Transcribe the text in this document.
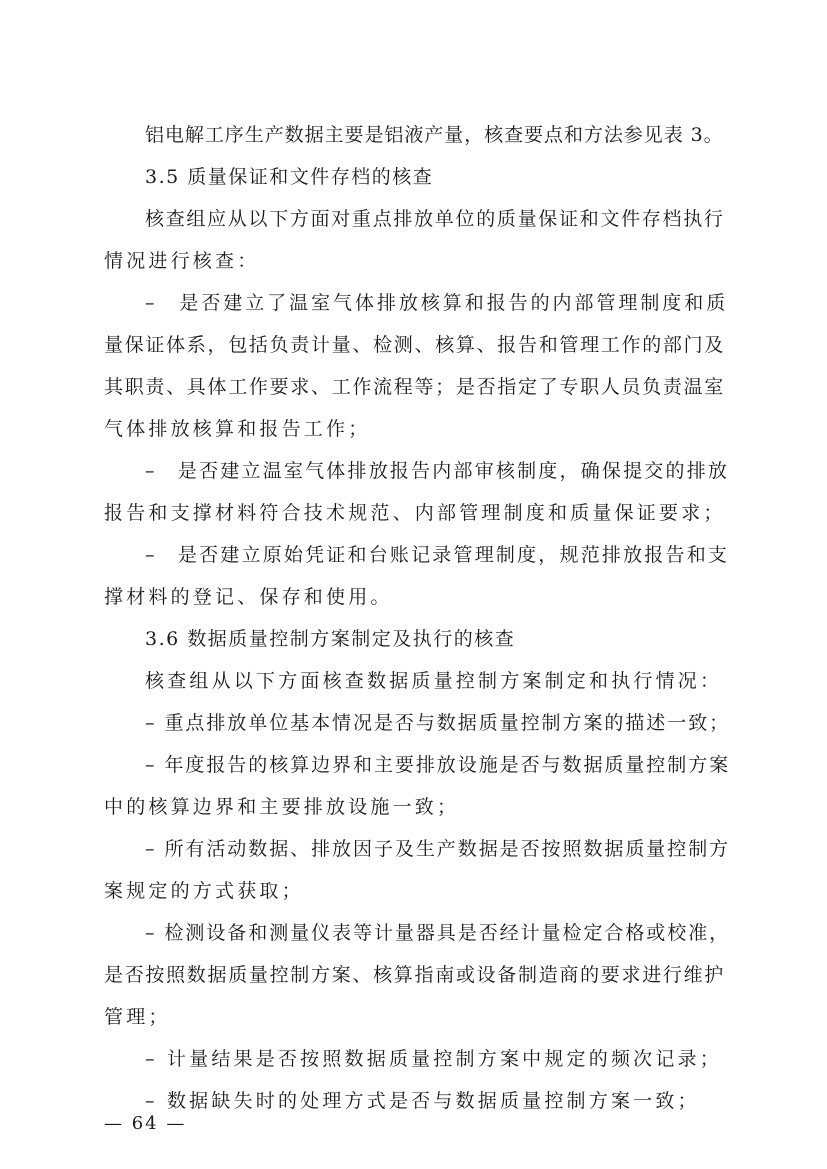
铝电解工序生产数据主要是铝液产量，核查要点和方法参见表 3。
3.5 质量保证和文件存档的核查
核查组应从以下方面对重点排放单位的质量保证和文件存档执行
情况进行核查：
–　是否建立了温室气体排放核算和报告的内部管理制度和质
量保证体系，包括负责计量、检测、核算、报告和管理工作的部门及
其职责、具体工作要求、工作流程等；是否指定了专职人员负责温室
气体排放核算和报告工作；
–　是否建立温室气体排放报告内部审核制度，确保提交的排放
报告和支撑材料符合技术规范、内部管理制度和质量保证要求；
–　是否建立原始凭证和台账记录管理制度，规范排放报告和支
撑材料的登记、保存和使用。
3.6 数据质量控制方案制定及执行的核查
核查组从以下方面核查数据质量控制方案制定和执行情况：
– 重点排放单位基本情况是否与数据质量控制方案的描述一致；
– 年度报告的核算边界和主要排放设施是否与数据质量控制方案
中的核算边界和主要排放设施一致；
– 所有活动数据、排放因子及生产数据是否按照数据质量控制方
案规定的方式获取；
– 检测设备和测量仪表等计量器具是否经计量检定合格或校准，
是否按照数据质量控制方案、核算指南或设备制造商的要求进行维护
管理；
– 计量结果是否按照数据质量控制方案中规定的频次记录；
– 数据缺失时的处理方式是否与数据质量控制方案一致；
— 64 —
